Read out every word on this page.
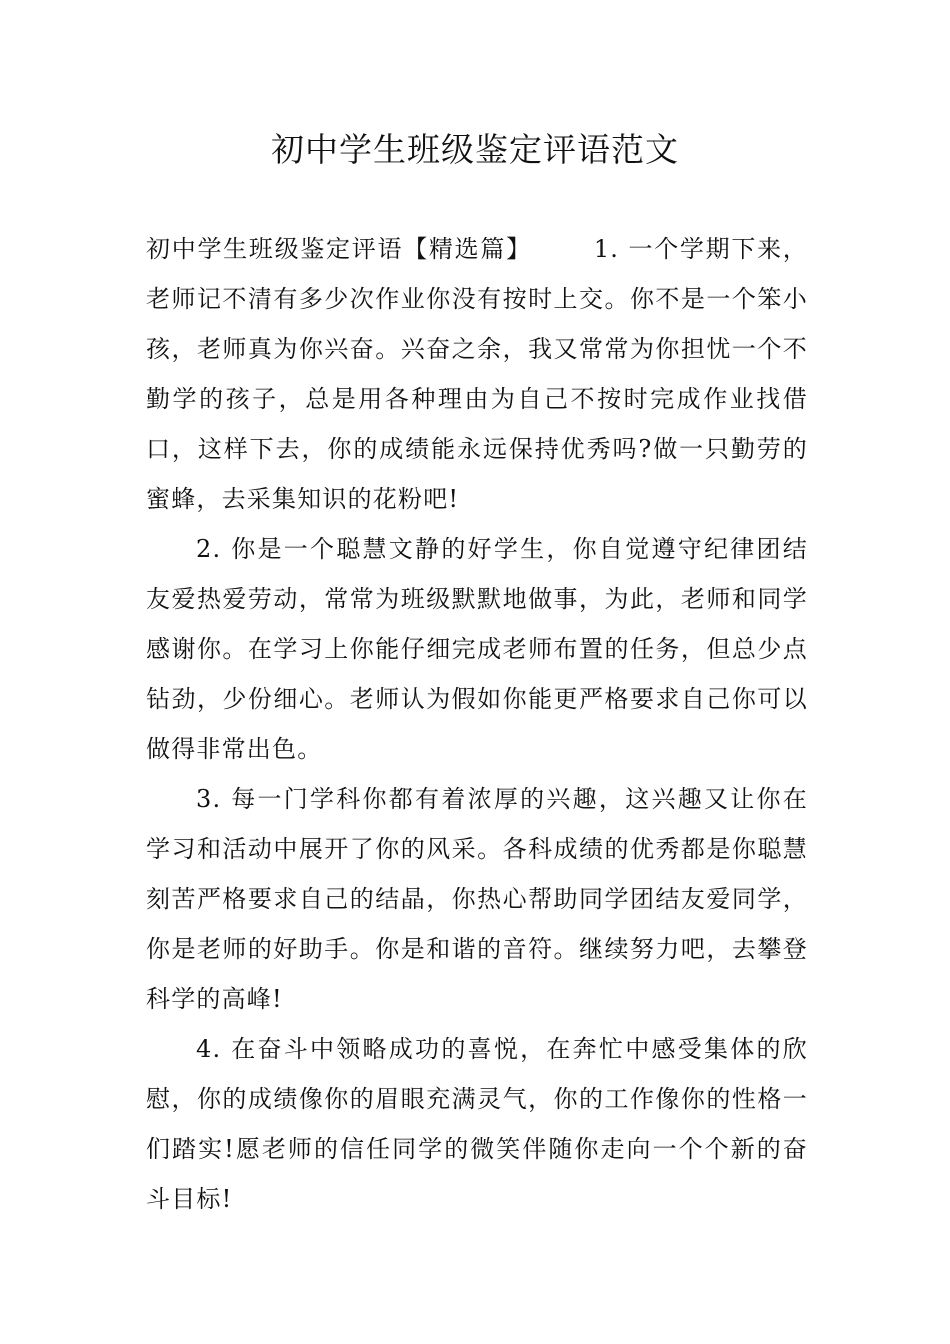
初中学生班级鉴定评语范文

初中学生班级鉴定评语【精选篇】	1. 一个学期下来，老师记不清有多少次作业你没有按时上交。你不是一个笨小孩，老师真为你兴奋。兴奋之余，我又常常为你担忧一个不勤学的孩子，总是用各种理由为自己不按时完成作业找借口，这样下去，你的成绩能永远保持优秀吗?做一只勤劳的蜜蜂，去采集知识的花粉吧!

2. 你是一个聪慧文静的好学生，你自觉遵守纪律团结友爱热爱劳动，常常为班级默默地做事，为此，老师和同学感谢你。在学习上你能仔细完成老师布置的任务，但总少点钻劲，少份细心。老师认为假如你能更严格要求自己你可以做得非常出色。

3. 每一门学科你都有着浓厚的兴趣，这兴趣又让你在学习和活动中展开了你的风采。各科成绩的优秀都是你聪慧刻苦严格要求自己的结晶，你热心帮助同学团结友爱同学，你是老师的好助手。你是和谐的音符。继续努力吧，去攀登科学的高峰!

4. 在奋斗中领略成功的喜悦，在奔忙中感受集体的欣慰，你的成绩像你的眉眼充满灵气，你的工作像你的性格一们踏实!愿老师的信任同学的微笑伴随你走向一个个新的奋斗目标!
